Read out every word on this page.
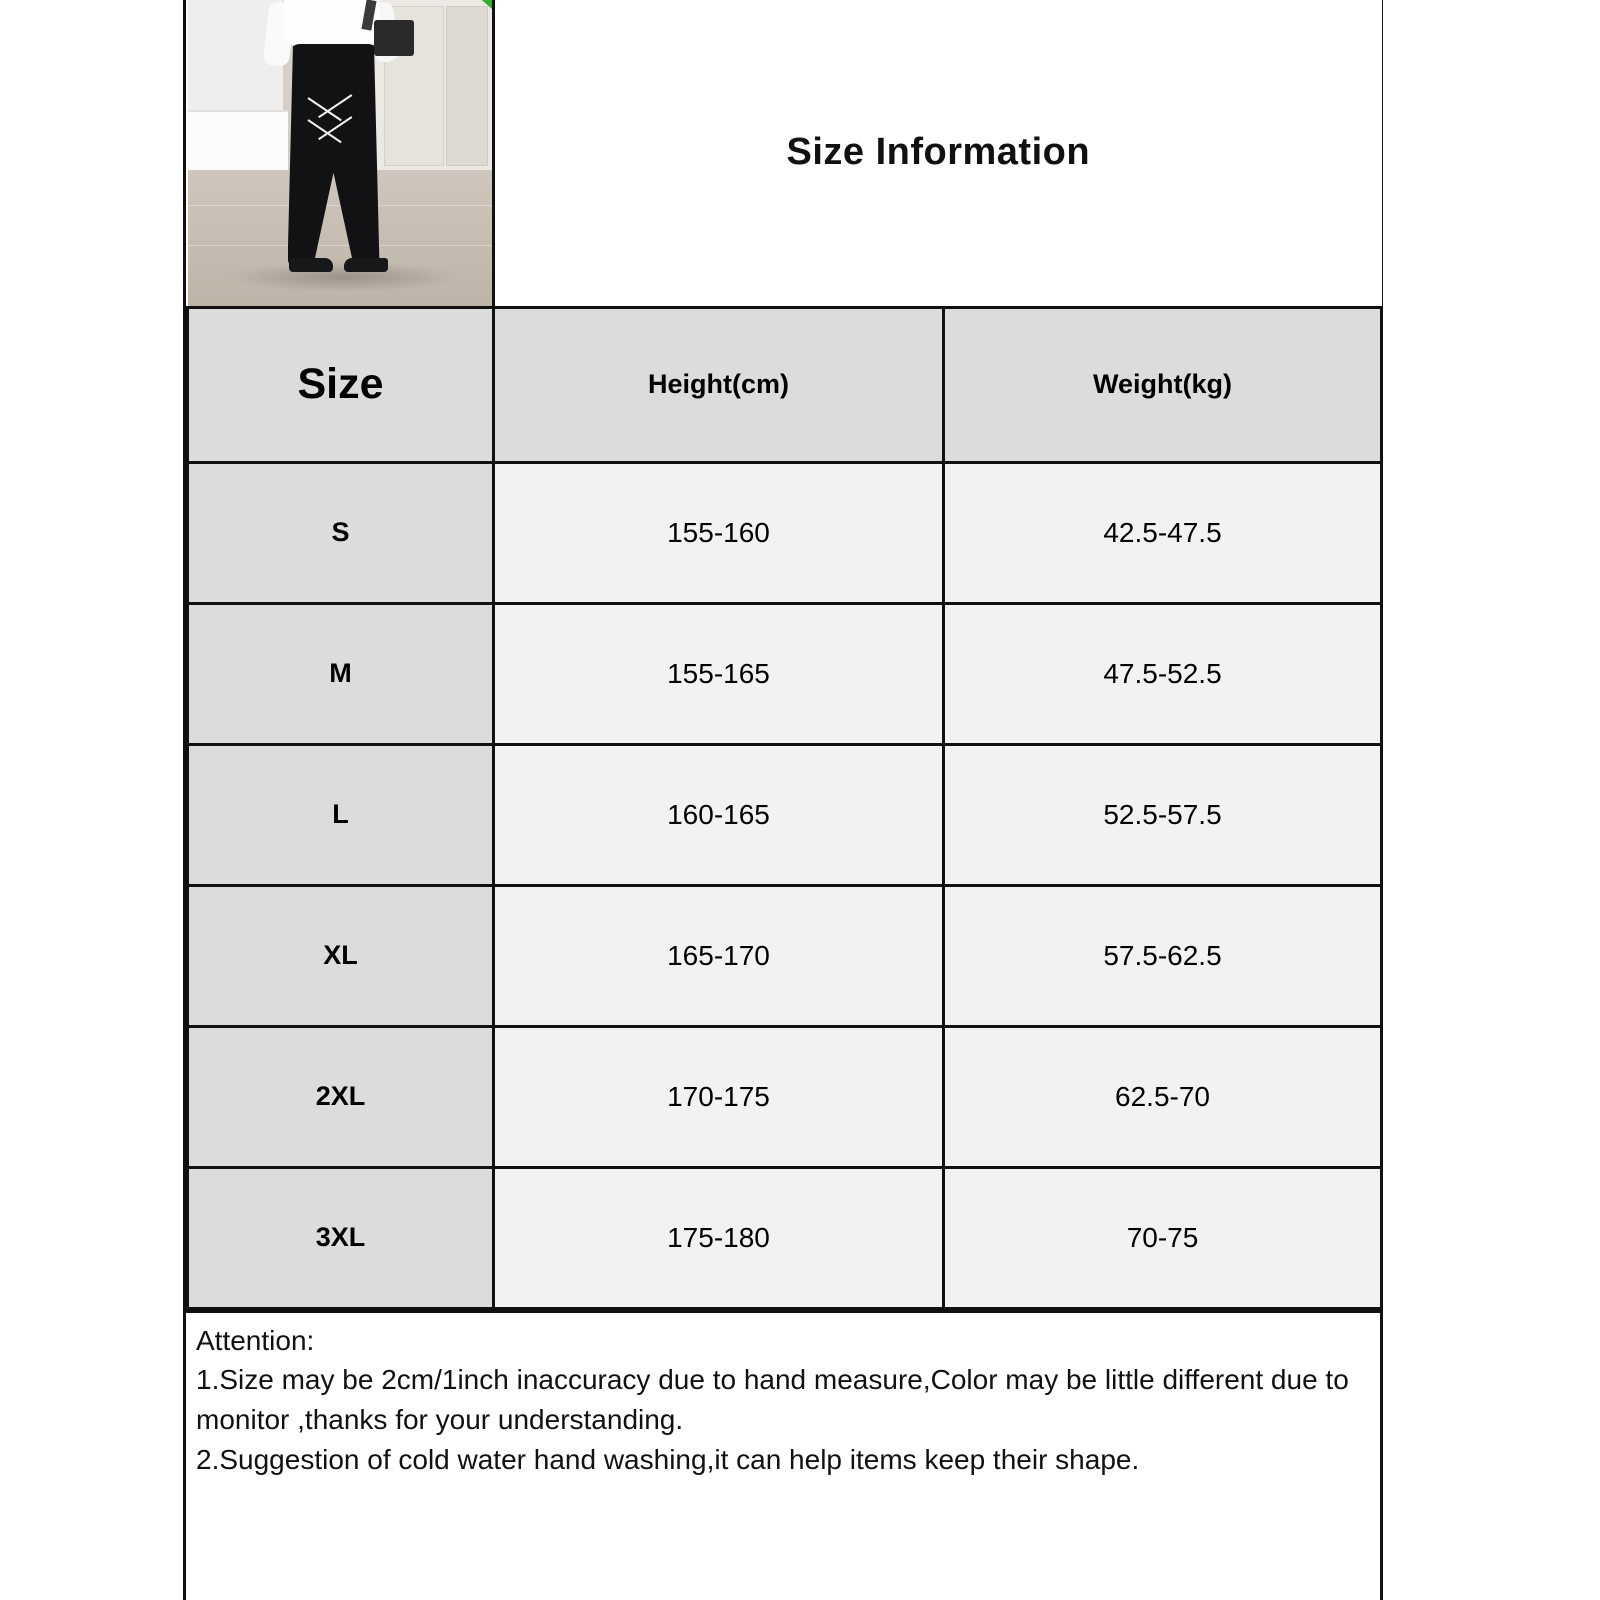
	Size Information	
Size	Height(cm)	Weight(kg)
S	155-160	42.5-47.5
M	155-165	47.5-52.5
L	160-165	52.5-57.5
XL	165-170	57.5-62.5
2XL	170-175	62.5-70
3XL	175-180	70-75

Attention:

1.Size may be 2cm/1inch inaccuracy due to hand measure,Color may be little different due to monitor ,thanks for your understanding.

2.Suggestion of cold water hand washing,it can help items keep their shape.
